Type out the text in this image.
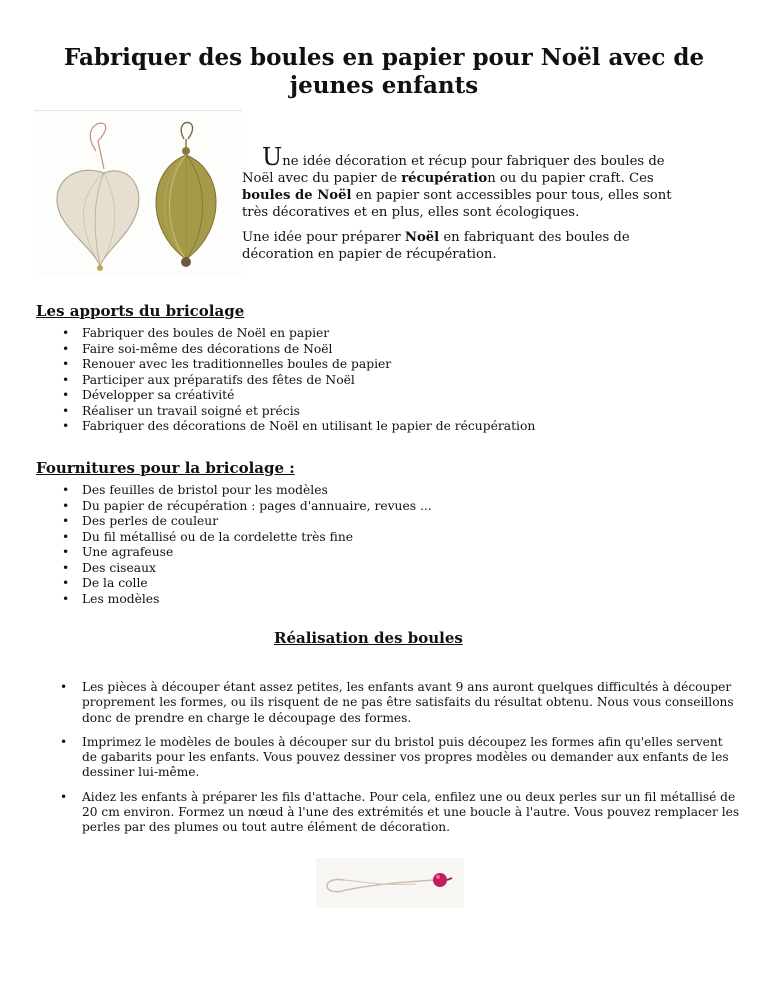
Fabriquer des boules en papier pour Noël avec de jeunes enfants

Une idée décoration et récup pour fabriquer des boules de
Noël avec du papier de récupération ou du papier craft. Ces
boules de Noël en papier sont accessibles pour tous, elles sont
très décoratives et en plus, elles sont écologiques.

Une idée pour préparer Noël en fabriquant des boules de
décoration en papier de récupération.

Les apports du bricolage
• Fabriquer des boules de Noël en papier
• Faire soi-même des décorations de Noël
• Renouer avec les traditionnelles boules de papier
• Participer aux préparatifs des fêtes de Noël
• Développer sa créativité
• Réaliser un travail soigné et précis
• Fabriquer des décorations de Noël en utilisant le papier de récupération
Fournitures pour la bricolage :
• Des feuilles de bristol pour les modèles
• Du papier de récupération : pages d'annuaire, revues ...
• Des perles de couleur
• Du fil métallisé ou de la cordelette très fine
• Une agrafeuse
• Des ciseaux
• De la colle
• Les modèles
Réalisation des boules
• Les pièces à découper étant assez petites, les enfants avant 9 ans auront quelques difficultés à découper proprement les formes, ou ils risquent de ne pas être satisfaits du résultat obtenu. Nous vous conseillons donc de prendre en charge le découpage des formes.
• Imprimez le modèles de boules à découper sur du bristol puis découpez les formes afin qu'elles servent de gabarits pour les enfants. Vous pouvez dessiner vos propres modèles ou demander aux enfants de les dessiner lui-même.
• Aidez les enfants à préparer les fils d'attache. Pour cela, enfilez une ou deux perles sur un fil métallisé de 20 cm environ. Formez un nœud à l'une des extrémités et une boucle à l'autre. Vous pouvez remplacer les perles par des plumes ou tout autre élément de décoration.
